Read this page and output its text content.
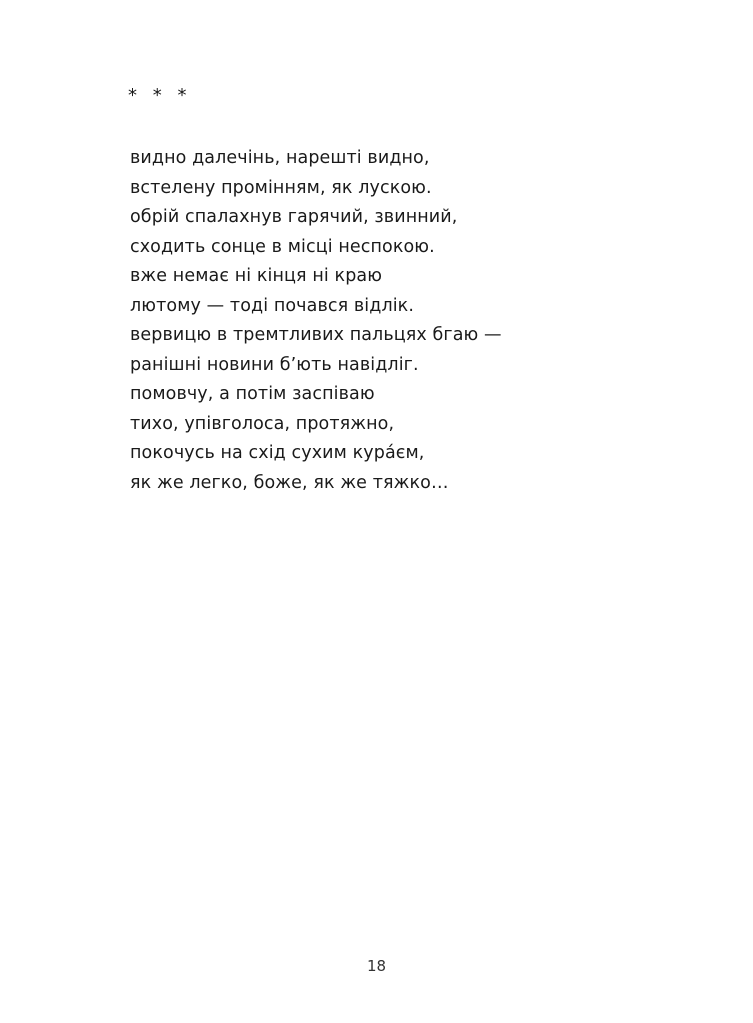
* * *
видно далечінь, нарешті видно,
встелену промінням, як лускою.
обрій спалахнув гарячий, звинний,
сходить сонце в місці неспокою.
вже немає ні кінця ні краю
лютому — тоді почався відлік.
вервицю в тремтливих пальцях бгаю —
ранішні новини б’ють навідліг.
помовчу, а потім заспіваю
тихо, упівголоса, протяжно,
покочусь на схід сухим курáєм,
як же легко, боже, як же тяжко…
18
